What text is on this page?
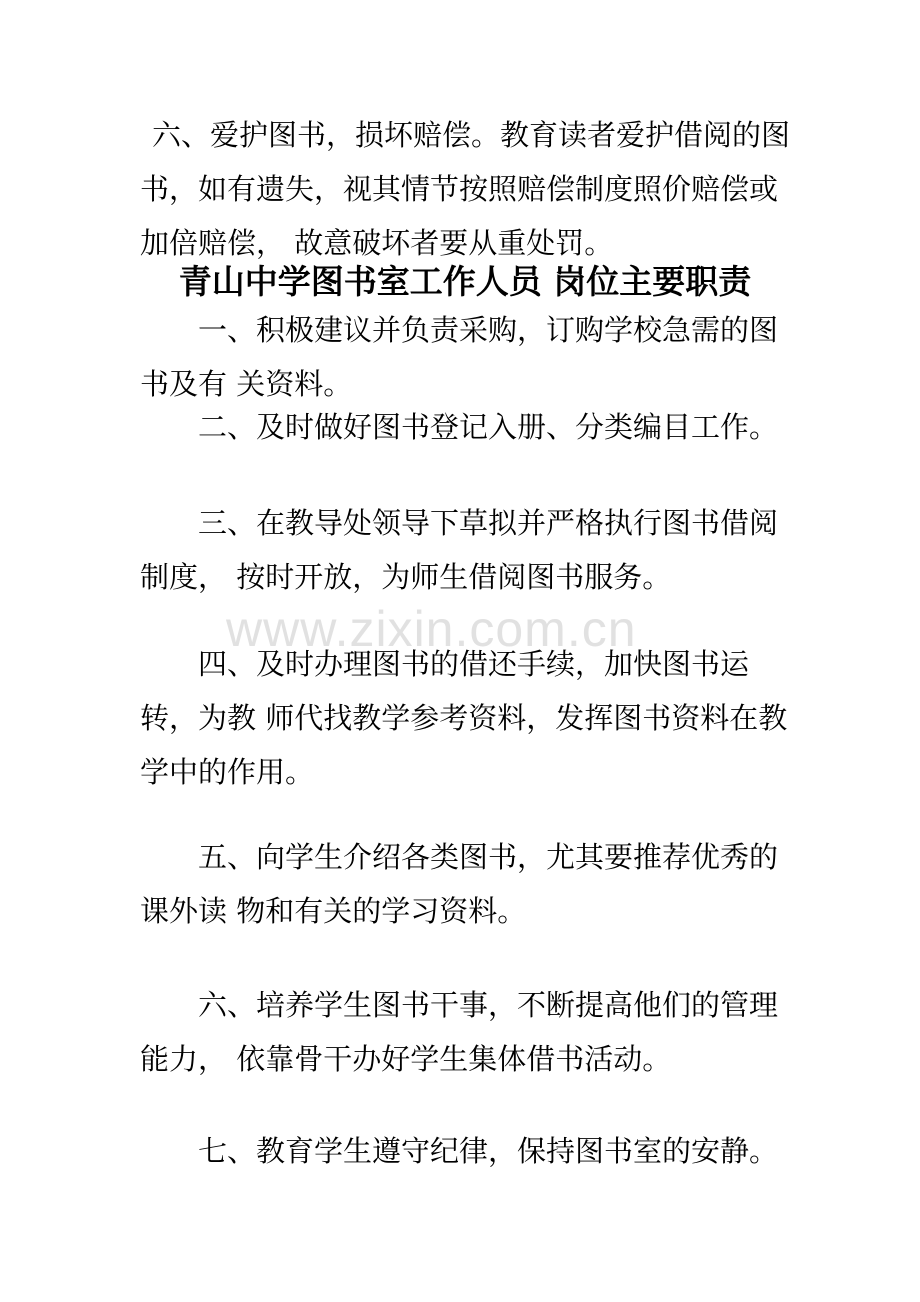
六、爱护图书，损坏赔偿。教育读者爱护借阅的图书，如有遗失，视其情节按照赔偿制度照价赔偿或加倍赔偿， 故意破坏者要从重处罚。

青山中学图书室工作人员 岗位主要职责

一、积极建议并负责采购，订购学校急需的图书及有 关资料。

二、及时做好图书登记入册、分类编目工作。

三、在教导处领导下草拟并严格执行图书借阅制度， 按时开放，为师生借阅图书服务。

www.zixin.com.cn

四、及时办理图书的借还手续，加快图书运转，为教 师代找教学参考资料，发挥图书资料在教学中的作用。

五、向学生介绍各类图书，尤其要推荐优秀的课外读 物和有关的学习资料。

六、培养学生图书干事，不断提高他们的管理能力， 依靠骨干办好学生集体借书活动。

七、教育学生遵守纪律，保持图书室的安静。
